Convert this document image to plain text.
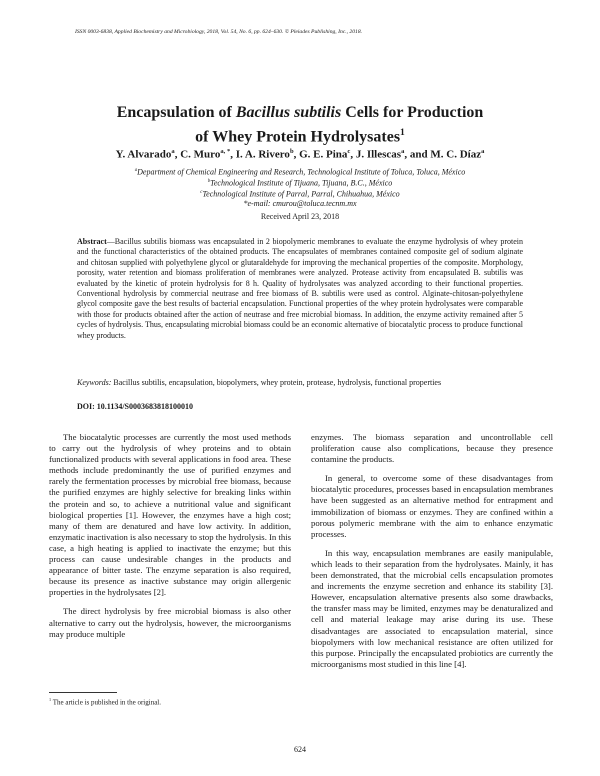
ISSN 0003-6838, Applied Biochemistry and Microbiology, 2018, Vol. 54, No. 6, pp. 624–630. © Pleiades Publishing, Inc., 2018.
Encapsulation of Bacillus subtilis Cells for Production
of Whey Protein Hydrolysates$^1$
Y. Alvarado$^a$, C. Muro$^{a, *}$, I. A. Rivero$^b$, G. E. Pina$^c$, J. Illescas$^a$, and M. C. Díaz$^a$
$^a$Department of Chemical Engineering and Research, Technological Institute of Toluca, Toluca, México
$^b$Technological Institute of Tijuana, Tijuana, B.C., México
$^c$Technological Institute of Parral, Parral, Chihuahua, México
*e-mail: cmurou@toluca.tecnm.mx
Received April 23, 2018
Abstract—Bacillus subtilis biomass was encapsulated in 2 biopolymeric membranes to evaluate the enzyme hydrolysis of whey protein and the functional characteristics of the obtained products. The encapsulates of membranes contained composite gel of sodium alginate and chitosan supplied with polyethylene glycol or glutaraldehyde for improving the mechanical properties of the composite. Morphology, porosity, water retention and biomass proliferation of membranes were analyzed. Protease activity from encapsulated B. subtilis was evaluated by the kinetic of protein hydrolysis for 8 h. Quality of hydrolysates was analyzed according to their functional properties. Conventional hydrolysis by commercial neutrase and free biomass of B. subtilis were used as control. Alginate-chitosan-polyethylene glycol composite gave the best results of bacterial encapsulation. Functional properties of the whey protein hydrolysates were comparable with those for products obtained after the action of neutrase and free microbial biomass. In addition, the enzyme activity remained after 5 cycles of hydrolysis. Thus, encapsulating microbial biomass could be an economic alternative of biocatalytic process to produce functional whey products.
Keywords: Bacillus subtilis, encapsulation, biopolymers, whey protein, protease, hydrolysis, functional properties
DOI: 10.1134/S0003683818100010

The biocatalytic processes are currently the most used methods to carry out the hydrolysis of whey proteins and to obtain functionalized products with several applications in food area. These methods include predominantly the use of purified enzymes and rarely the fermentation processes by microbial free biomass, because the purified enzymes are highly selective for breaking links within the protein and so, to achieve a nutritional value and significant biological properties [1]. However, the enzymes have a high cost; many of them are denatured and have low activity. In addition, enzymatic inactivation is also necessary to stop the hydrolysis. In this case, a high heating is applied to inactivate the enzyme; but this process can cause undesirable changes in the products and appearance of bitter taste. The enzyme separation is also required, because its presence as inactive substance may origin allergenic properties in the hydrolysates [2].

The direct hydrolysis by free microbial biomass is also other alternative to carry out the hydrolysis, however, the microorganisms may produce multiple

enzymes. The biomass separation and uncontrollable cell proliferation cause also complications, because they presence contamine the products.

In general, to overcome some of these disadvantages from biocatalytic procedures, processes based in encapsulation membranes have been suggested as an alternative method for entrapment and immobilization of biomass or enzymes. They are confined within a porous polymeric membrane with the aim to enhance enzymatic processes.

In this way, encapsulation membranes are easily manipulable, which leads to their separation from the hydrolysates. Mainly, it has been demonstrated, that the microbial cells encapsulation promotes and increments the enzyme secretion and enhance its stability [3]. However, encapsulation alternative presents also some drawbacks, the transfer mass may be limited, enzymes may be denaturalized and cell and material leakage may arise during its use. These disadvantages are associated to encapsulation material, since biopolymers with low mechanical resistance are often utilized for this purpose. Principally the encapsulated probiotics are currently the microorganisms most studied in this line [4].

$^1$ The article is published in the original.
624
